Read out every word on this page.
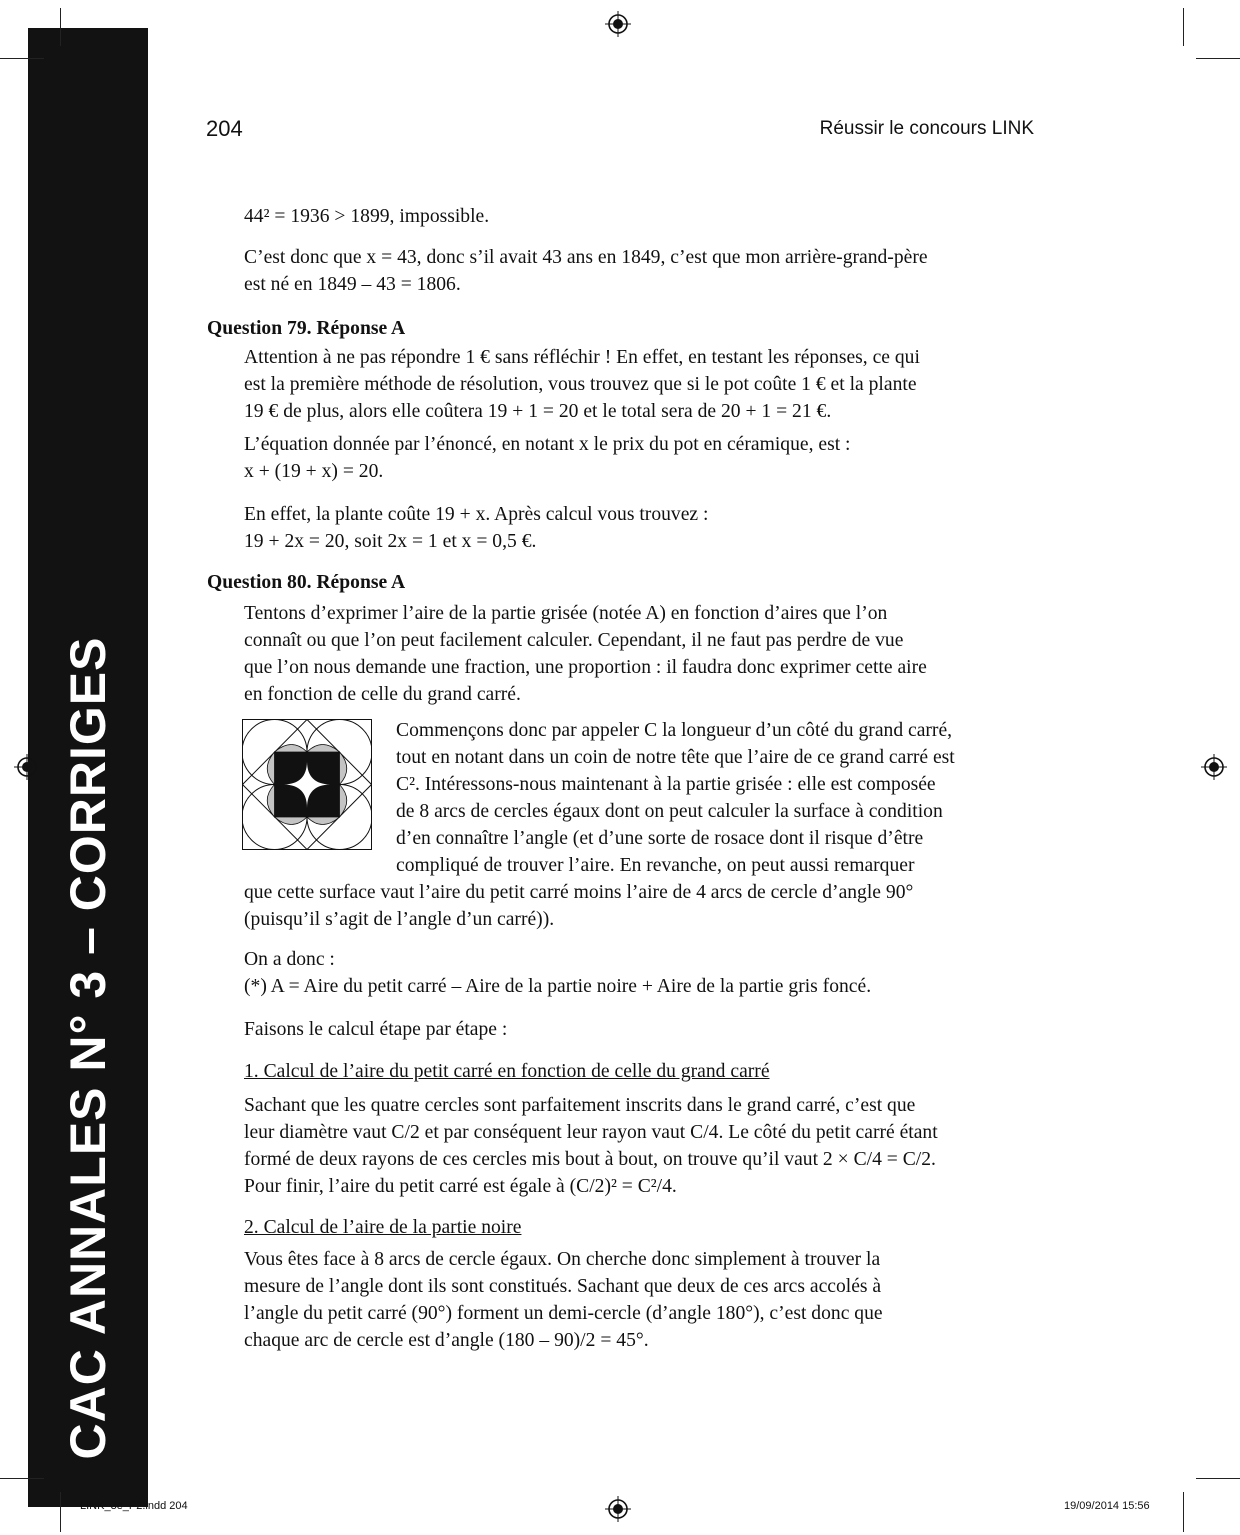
CAC ANNALES N° 3 – CORRIGES
204	Réussir le concours LINK
44² = 1936 > 1899, impossible.
C’est donc que x = 43, donc s’il avait 43 ans en 1849, c’est que mon arrière-grand-père
est né en 1849 – 43 = 1806.
Question 79. Réponse A
Attention à ne pas répondre 1 € sans réfléchir ! En effet, en testant les réponses, ce qui
est la première méthode de résolution, vous trouvez que si le pot coûte 1 € et la plante
19 € de plus, alors elle coûtera 19 + 1 = 20 et le total sera de 20 + 1 = 21 €.
L’équation donnée par l’énoncé, en notant x le prix du pot en céramique, est :
x + (19 + x) = 20.
En effet, la plante coûte 19 + x. Après calcul vous trouvez :
19 + 2x = 20, soit 2x = 1 et x = 0,5 €.
Question 80. Réponse A
Tentons d’exprimer l’aire de la partie grisée (notée A) en fonction d’aires que l’on
connaît ou que l’on peut facilement calculer. Cependant, il ne faut pas perdre de vue
que l’on nous demande une fraction, une proportion : il faudra donc exprimer cette aire
en fonction de celle du grand carré.
Commençons donc par appeler C la longueur d’un côté du grand carré,
tout en notant dans un coin de notre tête que l’aire de ce grand carré est
C². Intéressons-nous maintenant à la partie grisée : elle est composée
de 8 arcs de cercles égaux dont on peut calculer la surface à condition
d’en connaître l’angle (et d’une sorte de rosace dont il risque d’être
compliqué de trouver l’aire. En revanche, on peut aussi remarquer
que cette surface vaut l’aire du petit carré moins l’aire de 4 arcs de cercle d’angle 90°
(puisqu’il s’agit de l’angle d’un carré)).
On a donc :
(*) A = Aire du petit carré – Aire de la partie noire + Aire de la partie gris foncé.
Faisons le calcul étape par étape :
1. Calcul de l’aire du petit carré en fonction de celle du grand carré
Sachant que les quatre cercles sont parfaitement inscrits dans le grand carré, c’est que
leur diamètre vaut C/2 et par conséquent leur rayon vaut C/4. Le côté du petit carré étant
formé de deux rayons de ces cercles mis bout à bout, on trouve qu’il vaut 2 × C/4 = C/2.
Pour finir, l’aire du petit carré est égale à (C/2)² = C²/4.
2. Calcul de l’aire de la partie noire
Vous êtes face à 8 arcs de cercle égaux. On cherche donc simplement à trouver la
mesure de l’angle dont ils sont constitués. Sachant que deux de ces arcs accolés à
l’angle du petit carré (90°) forment un demi-cercle (d’angle 180°), c’est donc que
chaque arc de cercle est d’angle (180 – 90)/2 = 45°.
LINK_3e_P2.indd 204	19/09/2014 15:56
